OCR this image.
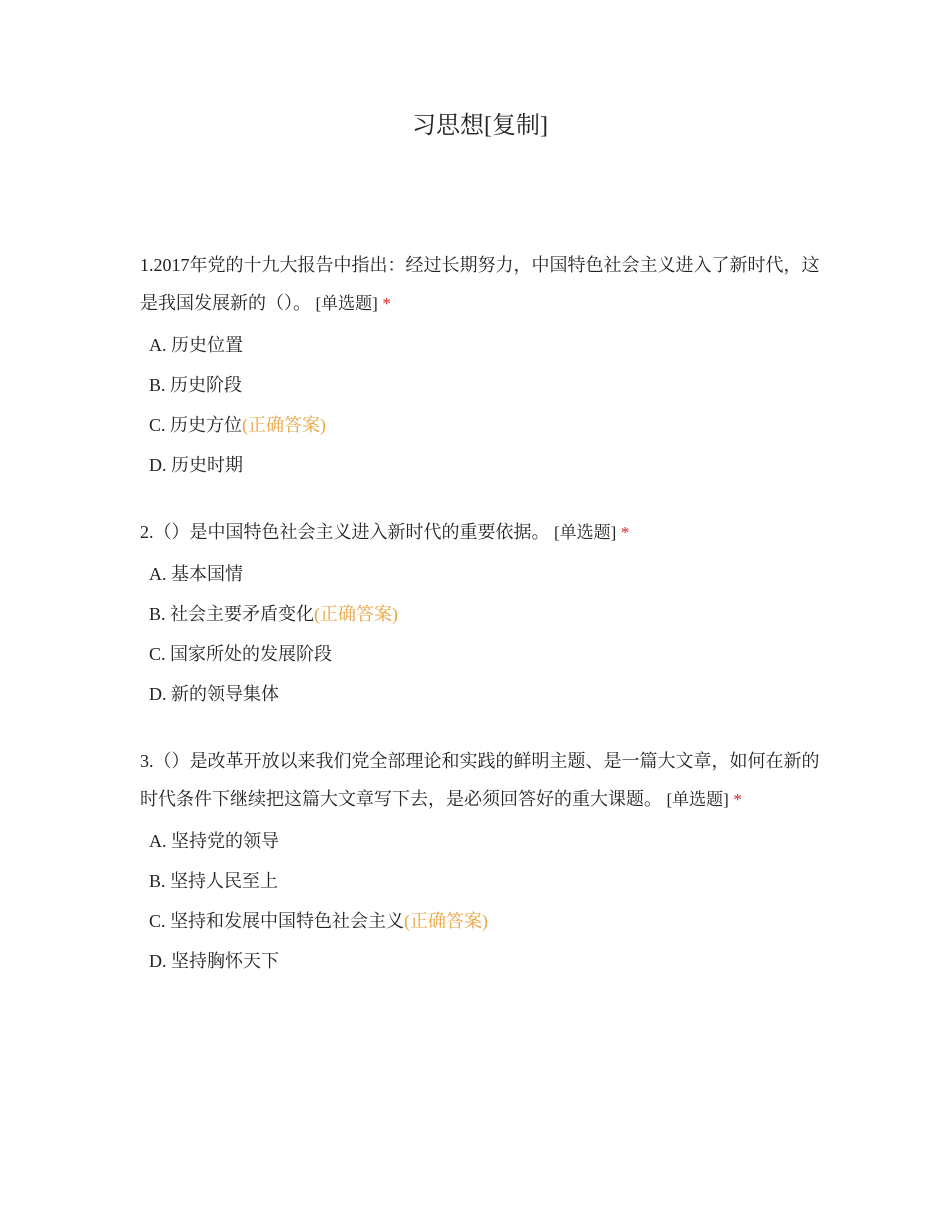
习思想[复制]

1.2017年党的十九大报告中指出：经过长期努力，中国特色社会主义进入了新时代，这是我国发展新的（）。 [单选题] *

A. 历史位置
B. 历史阶段
C. 历史方位(正确答案)
D. 历史时期

2.（）是中国特色社会主义进入新时代的重要依据。 [单选题] *

A. 基本国情
B. 社会主要矛盾变化(正确答案)
C. 国家所处的发展阶段
D. 新的领导集体

3.（）是改革开放以来我们党全部理论和实践的鲜明主题、是一篇大文章，如何在新的时代条件下继续把这篇大文章写下去，是必须回答好的重大课题。 [单选题] *

A. 坚持党的领导
B. 坚持人民至上
C. 坚持和发展中国特色社会主义(正确答案)
D. 坚持胸怀天下
